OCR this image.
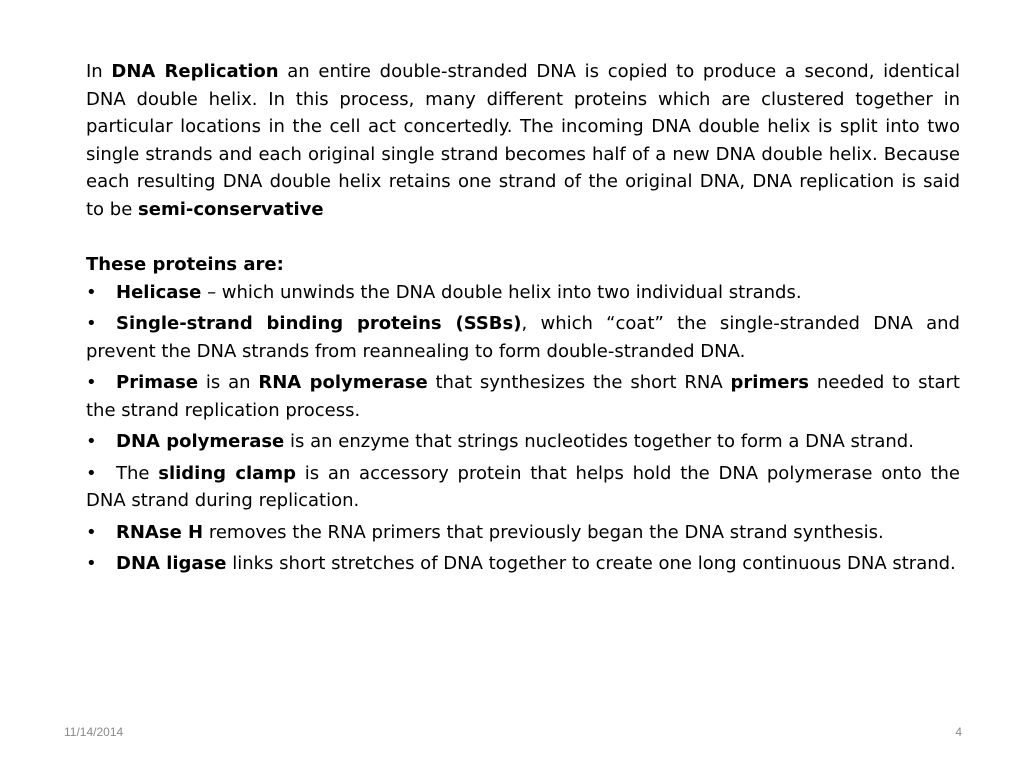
In DNA Replication an entire double-stranded DNA is copied to produce a second, identical DNA double helix. In this process, many different proteins which are clustered together in particular locations in the cell act concertedly. The incoming DNA double helix is split into two single strands and each original single strand becomes half of a new DNA double helix. Because each resulting DNA double helix retains one strand of the original DNA, DNA replication is said to be semi-conservative

These proteins are:

• Helicase – which unwinds the DNA double helix into two individual strands.

• Single-strand binding proteins (SSBs), which “coat” the single-stranded DNA and prevent the DNA strands from reannealing to form double-stranded DNA.

• Primase is an RNA polymerase that synthesizes the short RNA primers needed to start the strand replication process.

• DNA polymerase is an enzyme that strings nucleotides together to form a DNA strand.

• The sliding clamp is an accessory protein that helps hold the DNA polymerase onto the DNA strand during replication.

• RNAse H removes the RNA primers that previously began the DNA strand synthesis.

• DNA ligase links short stretches of DNA together to create one long continuous DNA strand.

11/14/2014	4
